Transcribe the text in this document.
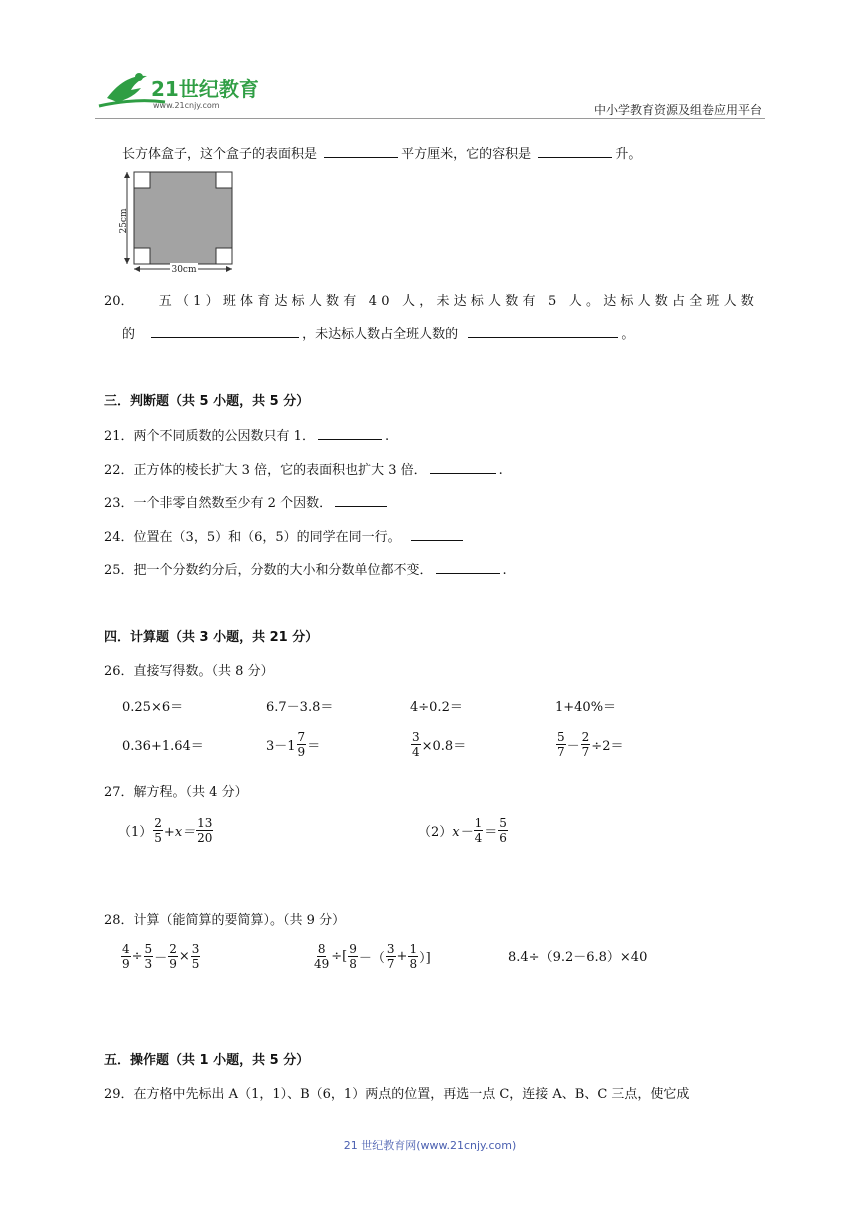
21世纪教育
www.21cnjy.com	中小学教育资源及组卷应用平台
长方体盒子，这个盒子的表面积是	平方厘米，它的容积是	升。
25cm
30cm
20． 五（1）班体育达标人数有 40 人，未达标人数有 5 人。达标人数占全班人数
的	，未达标人数占全班人数的	。
三．判断题（共 5 小题，共 5 分）
21．两个不同质数的公因数只有 1．	.
22．正方体的棱长扩大 3 倍，它的表面积也扩大 3 倍．	.
23．一个非零自然数至少有 2 个因数．
24．位置在（3，5）和（6，5）的同学在同一行。
25．把一个分数约分后，分数的大小和分数单位都不变．	.
四．计算题（共 3 小题，共 21 分）
26．直接写得数。（共 8 分）
0.25×6＝	6.7－3.8＝	4÷0.2＝	1+40%＝
0.36+1.64＝	$3-1 \frac{7}{9}$ ＝	$\frac{3}{4} \times 0.8=$	$\frac{5}{7} - \frac{2}{7} \div 2=$
27．解方程。（共 4 分）
$(1) \frac{2}{5} +x= \frac{13}{20}$	（2） $x- \frac{1}{4} = \frac{5}{6}$
28．计算（能简算的要简算）。（共 9 分）
$\frac{4}{9} \div \frac{5}{3} - \frac{2}{9} \times \frac{3}{5}$	$\frac{8}{49}$ ÷[ $\frac{9}{8}$ －（ $\frac{3}{7} + \frac{1}{8}$ ）]	8.4÷（9.2－6.8）×40
五．操作题（共 1 小题，共 5 分）
29．在方格中先标出 A（1，1）、B（6，1）两点的位置，再选一点 C，连接 A、B、C 三点，使它成
21 世纪教育网(www.21cnjy.com)
